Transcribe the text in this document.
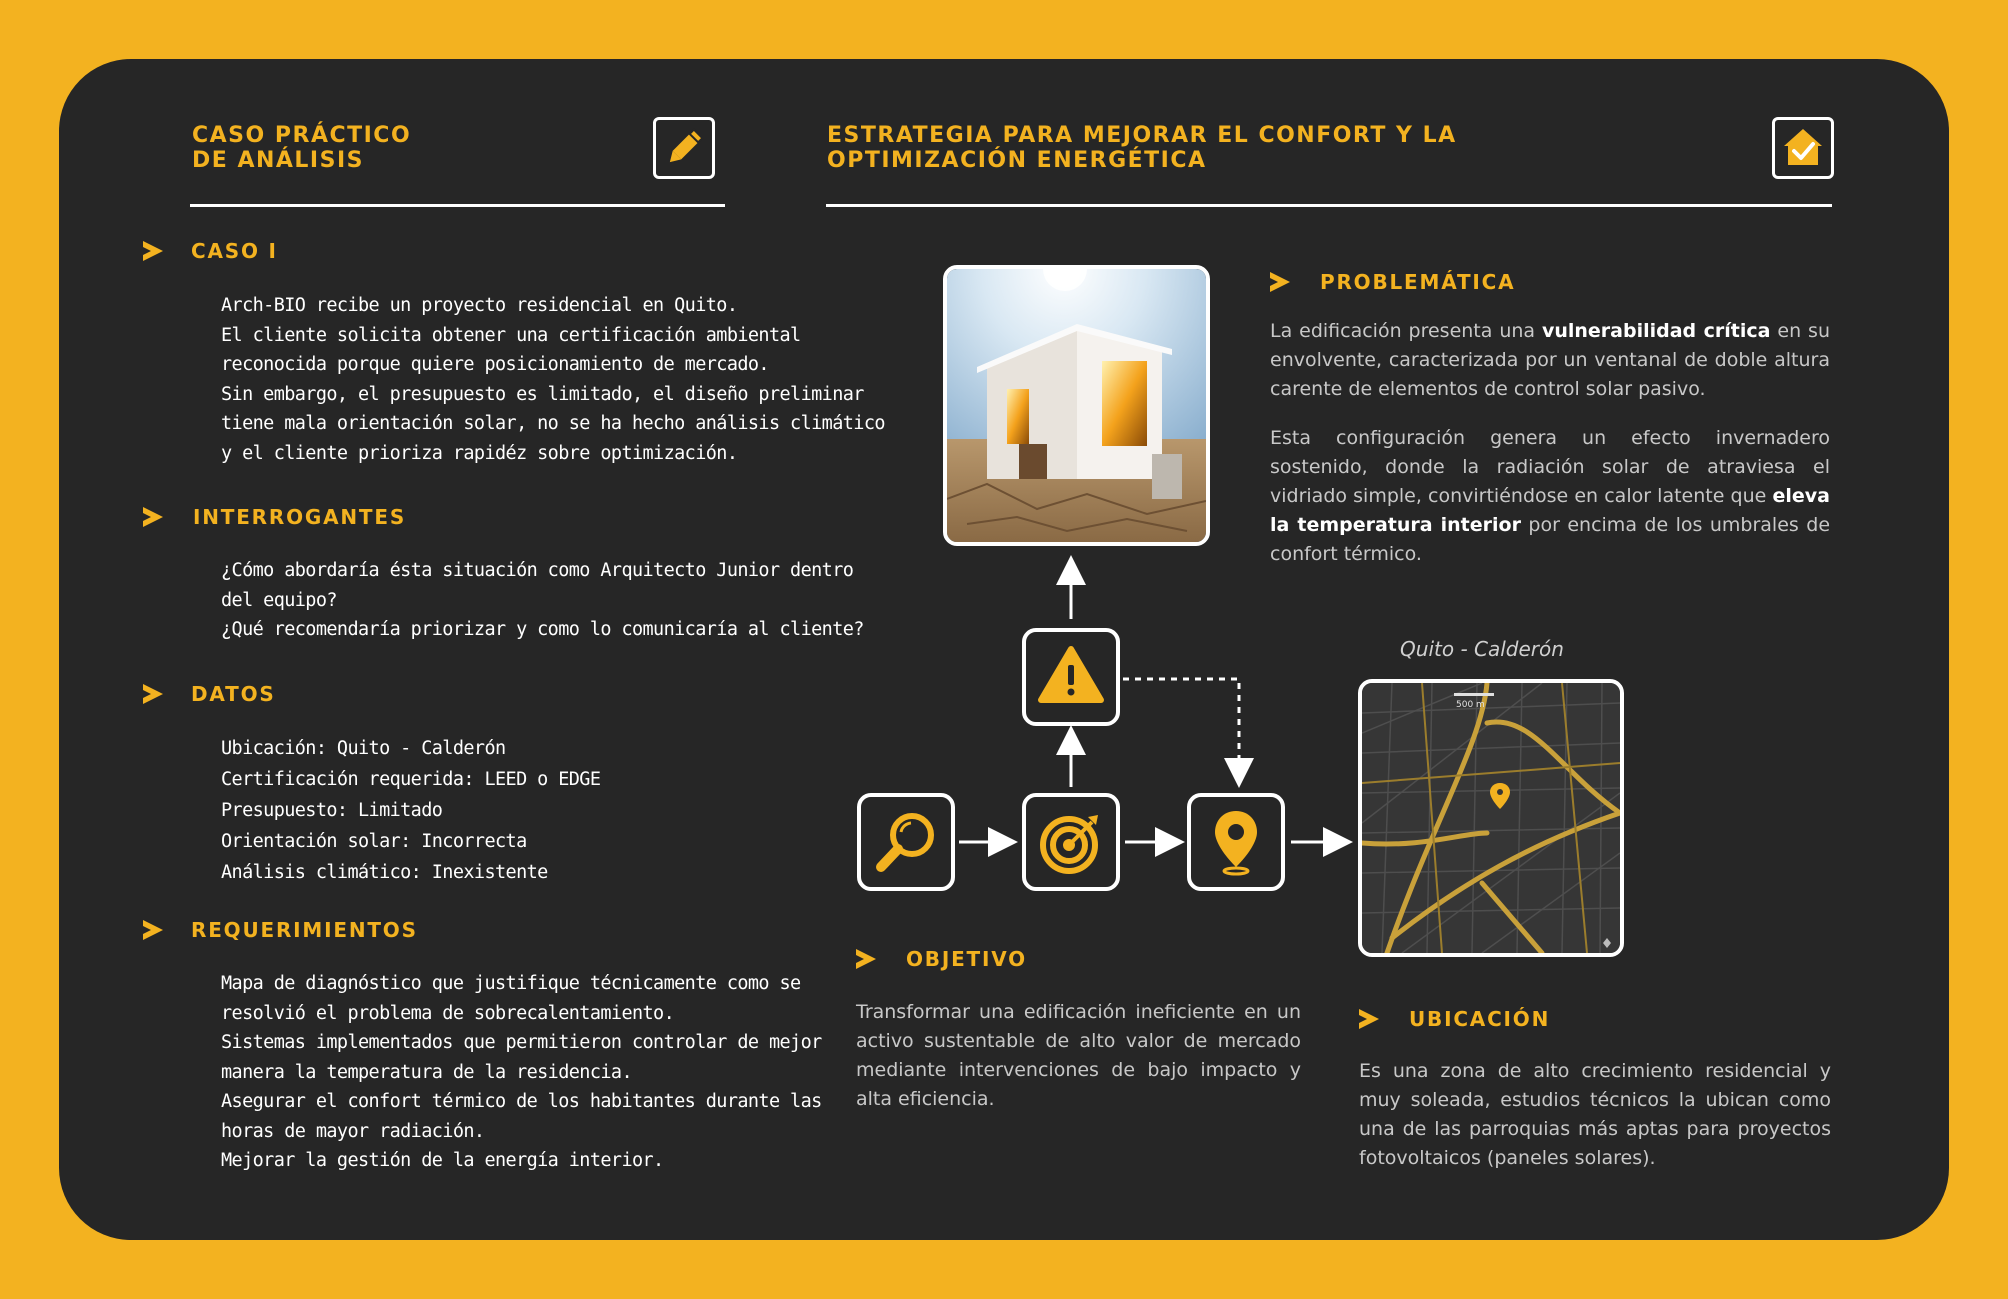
CASO PRÁCTICO

DE ANÁLISIS

CASO I
Arch-BIO recibe un proyecto residencial en Quito.
El cliente solicita obtener una certificación ambiental
reconocida porque quiere posicionamiento de mercado.
Sin embargo, el presupuesto es limitado, el diseño preliminar
tiene mala orientación solar, no se ha hecho análisis climático
y el cliente prioriza rapidéz sobre optimización.
INTERROGANTES
¿Cómo abordaría ésta situación como Arquitecto Junior dentro
del equipo?
¿Qué recomendaría priorizar y como lo comunicaría al cliente?
DATOS
Ubicación: Quito - Calderón
Certificación requerida: LEED o EDGE
Presupuesto: Limitado
Orientación solar: Incorrecta
Análisis climático: Inexistente
REQUERIMIENTOS
Mapa de diagnóstico que justifique técnicamente como se
resolvió el problema de sobrecalentamiento.
Sistemas implementados que permitieron controlar de mejor
manera la temperatura de la residencia.
Asegurar el confort térmico de los habitantes durante las
horas de mayor radiación.
Mejorar la gestión de la energía interior.

ESTRATEGIA PARA MEJORAR EL CONFORT Y LA

OPTIMIZACIÓN ENERGÉTICA

PROBLEMÁTICA

La edificación presenta una vulnerabilidad crítica en su envolvente, caracterizada por un ventanal de doble altura carente de elementos de control solar pasivo.

Esta configuración genera un efecto invernadero sostenido, donde la radiación solar de atraviesa el vidriado simple, convirtiéndose en calor latente que eleva la temperatura interior por encima de los umbrales de confort térmico.

Quito - Calderón
500 m
OBJETIVO
Transformar una edificación ineficiente en un activo sustentable de alto valor de mercado mediante intervenciones de bajo impacto y alta eficiencia.
UBICACIÓN
Es una zona de alto crecimiento residencial y muy soleada, estudios técnicos la ubican como una de las parroquias más aptas para proyectos fotovoltaicos (paneles solares).
